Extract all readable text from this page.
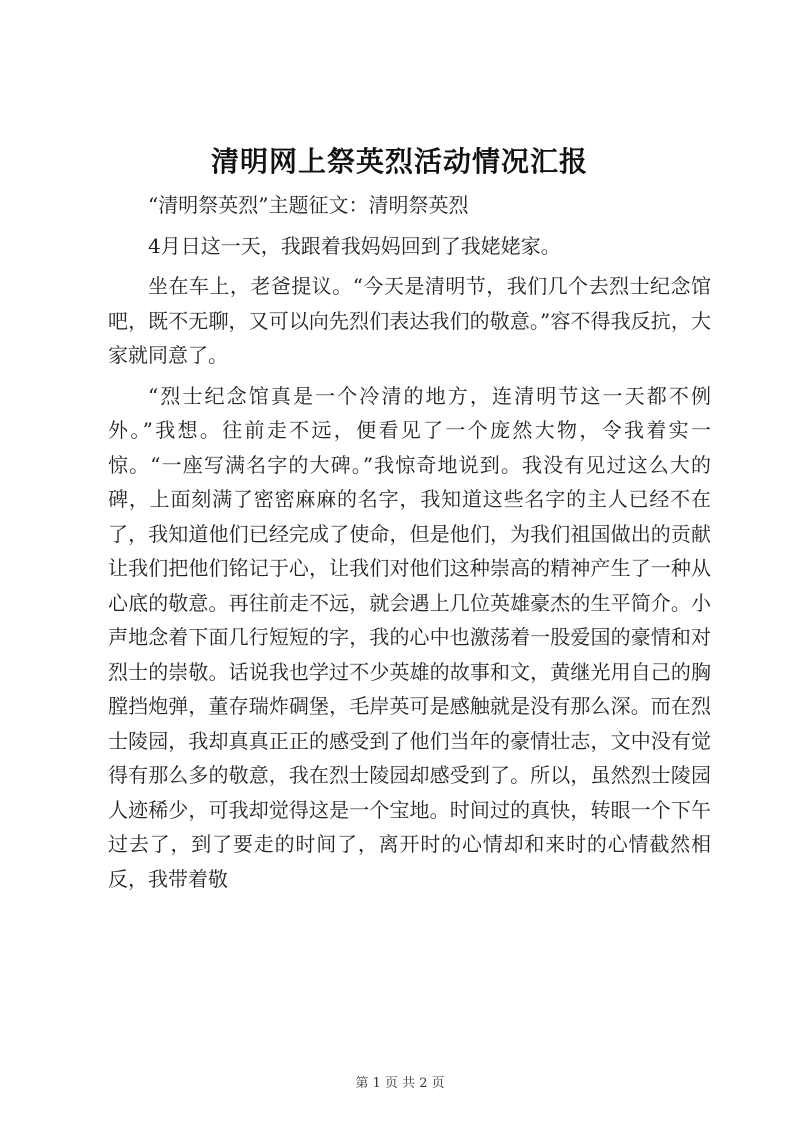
清明网上祭英烈活动情况汇报

“清明祭英烈”主题征文：清明祭英烈

4月日这一天，我跟着我妈妈回到了我姥姥家。

坐在车上，老爸提议。“今天是清明节，我们几个去烈士纪念馆吧，既不无聊，又可以向先烈们表达我们的敬意。”容不得我反抗，大家就同意了。

“烈士纪念馆真是一个冷清的地方，连清明节这一天都不例外。”我想。往前走不远，便看见了一个庞然大物，令我着实一惊。“一座写满名字的大碑。”我惊奇地说到。我没有见过这么大的碑，上面刻满了密密麻麻的名字，我知道这些名字的主人已经不在了，我知道他们已经完成了使命，但是他们，为我们祖国做出的贡献让我们把他们铭记于心，让我们对他们这种崇高的精神产生了一种从心底的敬意。再往前走不远，就会遇上几位英雄豪杰的生平简介。小声地念着下面几行短短的字，我的心中也激荡着一股爱国的豪情和对烈士的崇敬。话说我也学过不少英雄的故事和文，黄继光用自己的胸膛挡炮弹，董存瑞炸碉堡，毛岸英可是感触就是没有那么深。而在烈士陵园，我却真真正正的感受到了他们当年的豪情壮志，文中没有觉得有那么多的敬意，我在烈士陵园却感受到了。所以，虽然烈士陵园人迹稀少，可我却觉得这是一个宝地。时间过的真快，转眼一个下午过去了，到了要走的时间了，离开时的心情却和来时的心情截然相反，我带着敬

第 1 页 共 2 页
